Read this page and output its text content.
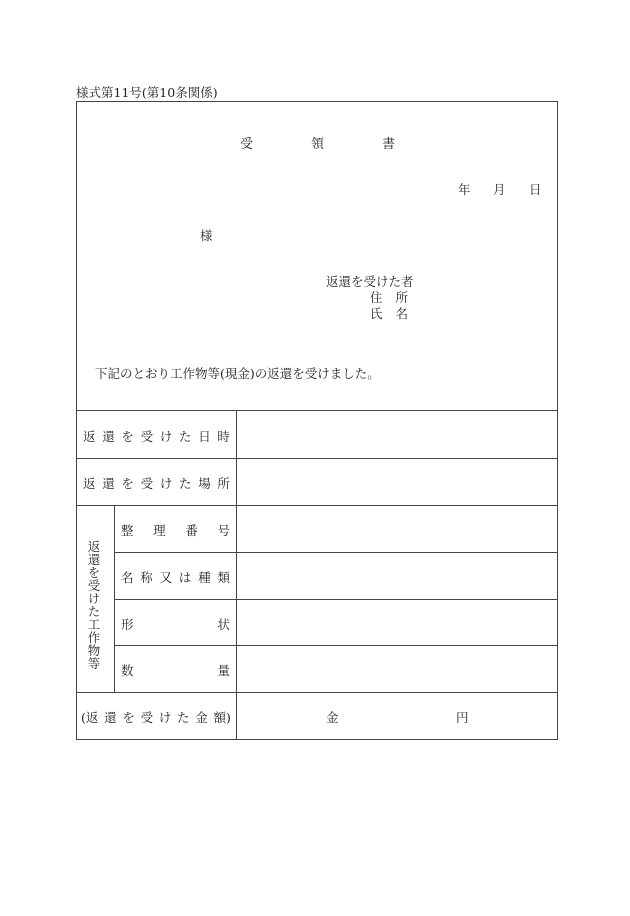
様式第11号(第10条関係)
受	領	書
年 月 日
様
返還を受けた者
住 所
氏 名
下記のとおり工作物等(現金)の返還を受けました。
返 還 を 受 け た 日 時
返 還 を 受 け た 場 所
返還を受けた工作物等
整 理 番 号
名 称 又 は 種 類
形	状
数	量
(返 還 を 受 け た 金 額)	金	円
